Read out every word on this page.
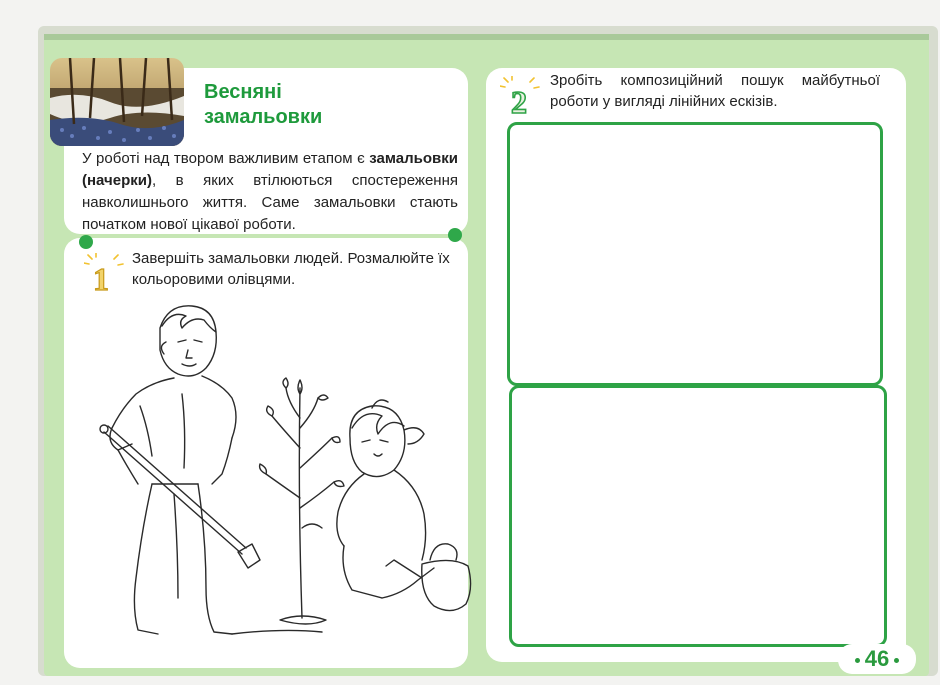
Весняні
замальовки
У роботі над твором важливим етапом є замальовки (начерки), в яких втілюються спостереження навколишнього життя. Саме замальовки стають початком нової цікавої роботи.
1
Завершіть замальовки людей. Розмалюйте їх кольоровими олівцями.
2
Зробіть композиційний пошук майбутньої роботи у вигляді лінійних ескізів.
46
